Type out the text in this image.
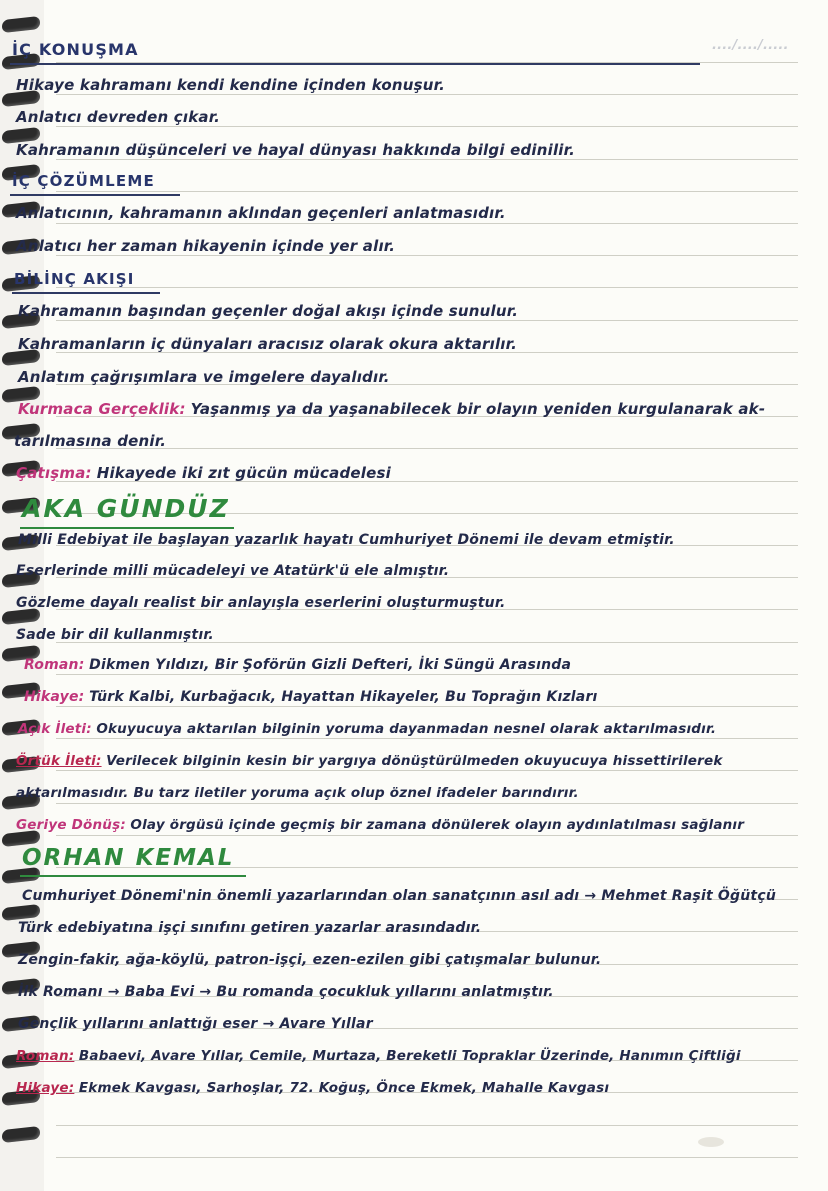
..../..../.....
İÇ KONUŞMA
Hikaye kahramanı kendi kendine içinden konuşur.
Anlatıcı devreden çıkar.
Kahramanın düşünceleri ve hayal dünyası hakkında bilgi edinilir.
İÇ ÇÖZÜMLEME
Anlatıcının, kahramanın aklından geçenleri anlatmasıdır.
Anlatıcı her zaman hikayenin içinde yer alır.
BİLİNÇ AKIŞI
Kahramanın başından geçenler doğal akışı içinde sunulur.
Kahramanların iç dünyaları aracısız olarak okura aktarılır.
Anlatım çağrışımlara ve imgelere dayalıdır.
Kurmaca Gerçeklik: Yaşanmış ya da yaşanabilecek bir olayın yeniden kurgulanarak ak-
tarılmasına denir.
Çatışma: Hikayede iki zıt gücün mücadelesi
AKA GÜNDÜZ
Milli Edebiyat ile başlayan yazarlık hayatı Cumhuriyet Dönemi ile devam etmiştir.
Eserlerinde milli mücadeleyi ve Atatürk'ü ele almıştır.
Gözleme dayalı realist bir anlayışla eserlerini oluşturmuştur.
Sade bir dil kullanmıştır.
Roman: Dikmen Yıldızı, Bir Şoförün Gizli Defteri, İki Süngü Arasında
Hikaye: Türk Kalbi, Kurbağacık, Hayattan Hikayeler, Bu Toprağın Kızları
Açık İleti: Okuyucuya aktarılan bilginin yoruma dayanmadan nesnel olarak aktarılmasıdır.
Örtük İleti: Verilecek bilginin kesin bir yargıya dönüştürülmeden okuyucuya hissettirilerek
aktarılmasıdır. Bu tarz iletiler yoruma açık olup öznel ifadeler barındırır.
Geriye Dönüş: Olay örgüsü içinde geçmiş bir zamana dönülerek olayın aydınlatılması sağlanır
ORHAN KEMAL
Cumhuriyet Dönemi'nin önemli yazarlarından olan sanatçının asıl adı → Mehmet Raşit Öğütçü
Türk edebiyatına işçi sınıfını getiren yazarlar arasındadır.
Zengin-fakir, ağa-köylü, patron-işçi, ezen-ezilen gibi çatışmalar bulunur.
İlk Romanı → Baba Evi → Bu romanda çocukluk yıllarını anlatmıştır.
Gençlik yıllarını anlattığı eser → Avare Yıllar
Roman: Babaevi, Avare Yıllar, Cemile, Murtaza, Bereketli Topraklar Üzerinde, Hanımın Çiftliği
Hikaye: Ekmek Kavgası, Sarhoşlar, 72. Koğuş, Önce Ekmek, Mahalle Kavgası
